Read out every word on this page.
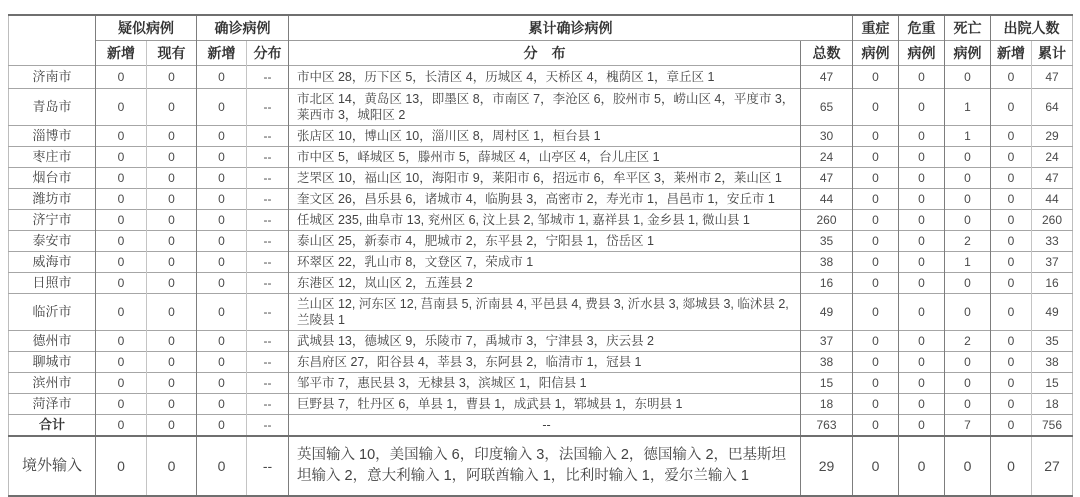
	疑似病例		确诊病例		累计确诊病例		重症	危重	死亡	出院人数	
	新增	现有	新增	分布	分　布	总数	病例	病例	病例	新增	累计
济南市	0	0	0	--	市中区 28，历下区 5，长清区 4，历城区 4，天桥区 4，槐荫区 1，章丘区 1	47	0	0	0	0	47
青岛市	0	0	0	--	市北区 14，黄岛区 13，即墨区 8，市南区 7，李沧区 6，胶州市 5，崂山区 4，平度市 3，莱西市 3，城阳区 2	65	0	0	1	0	64
淄博市	0	0	0	--	张店区 10，博山区 10，淄川区 8，周村区 1，桓台县 1	30	0	0	1	0	29
枣庄市	0	0	0	--	市中区 5，峄城区 5，滕州市 5，薛城区 4，山亭区 4，台儿庄区 1	24	0	0	0	0	24
烟台市	0	0	0	--	芝罘区 10，福山区 10，海阳市 9，莱阳市 6，招远市 6，牟平区 3，莱州市 2，莱山区 1	47	0	0	0	0	47
潍坊市	0	0	0	--	奎文区 26，昌乐县 6，诸城市 4，临朐县 3，高密市 2，寿光市 1，昌邑市 1，安丘市 1	44	0	0	0	0	44
济宁市	0	0	0	--	任城区 235, 曲阜市 13, 兖州区 6, 汶上县 2, 邹城市 1, 嘉祥县 1, 金乡县 1, 微山县 1	260	0	0	0	0	260
泰安市	0	0	0	--	泰山区 25，新泰市 4，肥城市 2，东平县 2，宁阳县 1，岱岳区 1	35	0	0	2	0	33
威海市	0	0	0	--	环翠区 22，乳山市 8，文登区 7，荣成市 1	38	0	0	1	0	37
日照市	0	0	0	--	东港区 12，岚山区 2，五莲县 2	16	0	0	0	0	16
临沂市	0	0	0	--	兰山区 12, 河东区 12, 莒南县 5, 沂南县 4, 平邑县 4, 费县 3, 沂水县 3, 郯城县 3, 临沭县 2, 兰陵县 1	49	0	0	0	0	49
德州市	0	0	0	--	武城县 13，德城区 9，乐陵市 7，禹城市 3，宁津县 3，庆云县 2	37	0	0	2	0	35
聊城市	0	0	0	--	东昌府区 27，阳谷县 4，莘县 3，东阿县 2，临清市 1，冠县 1	38	0	0	0	0	38
滨州市	0	0	0	--	邹平市 7，惠民县 3，无棣县 3，滨城区 1，阳信县 1	15	0	0	0	0	15
菏泽市	0	0	0	--	巨野县 7，牡丹区 6，单县 1，曹县 1，成武县 1，郓城县 1，东明县 1	18	0	0	0	0	18
合计	0	0	0	--	--	763	0	0	7	0	756
境外输入	0	0	0	--	英国输入 10，美国输入 6，印度输入 3，法国输入 2，德国输入 2，巴基斯坦坦输入 2，意大利输入 1，阿联酋输入 1，比利时输入 1，爱尔兰输入 1	29	0	0	0	0	27
